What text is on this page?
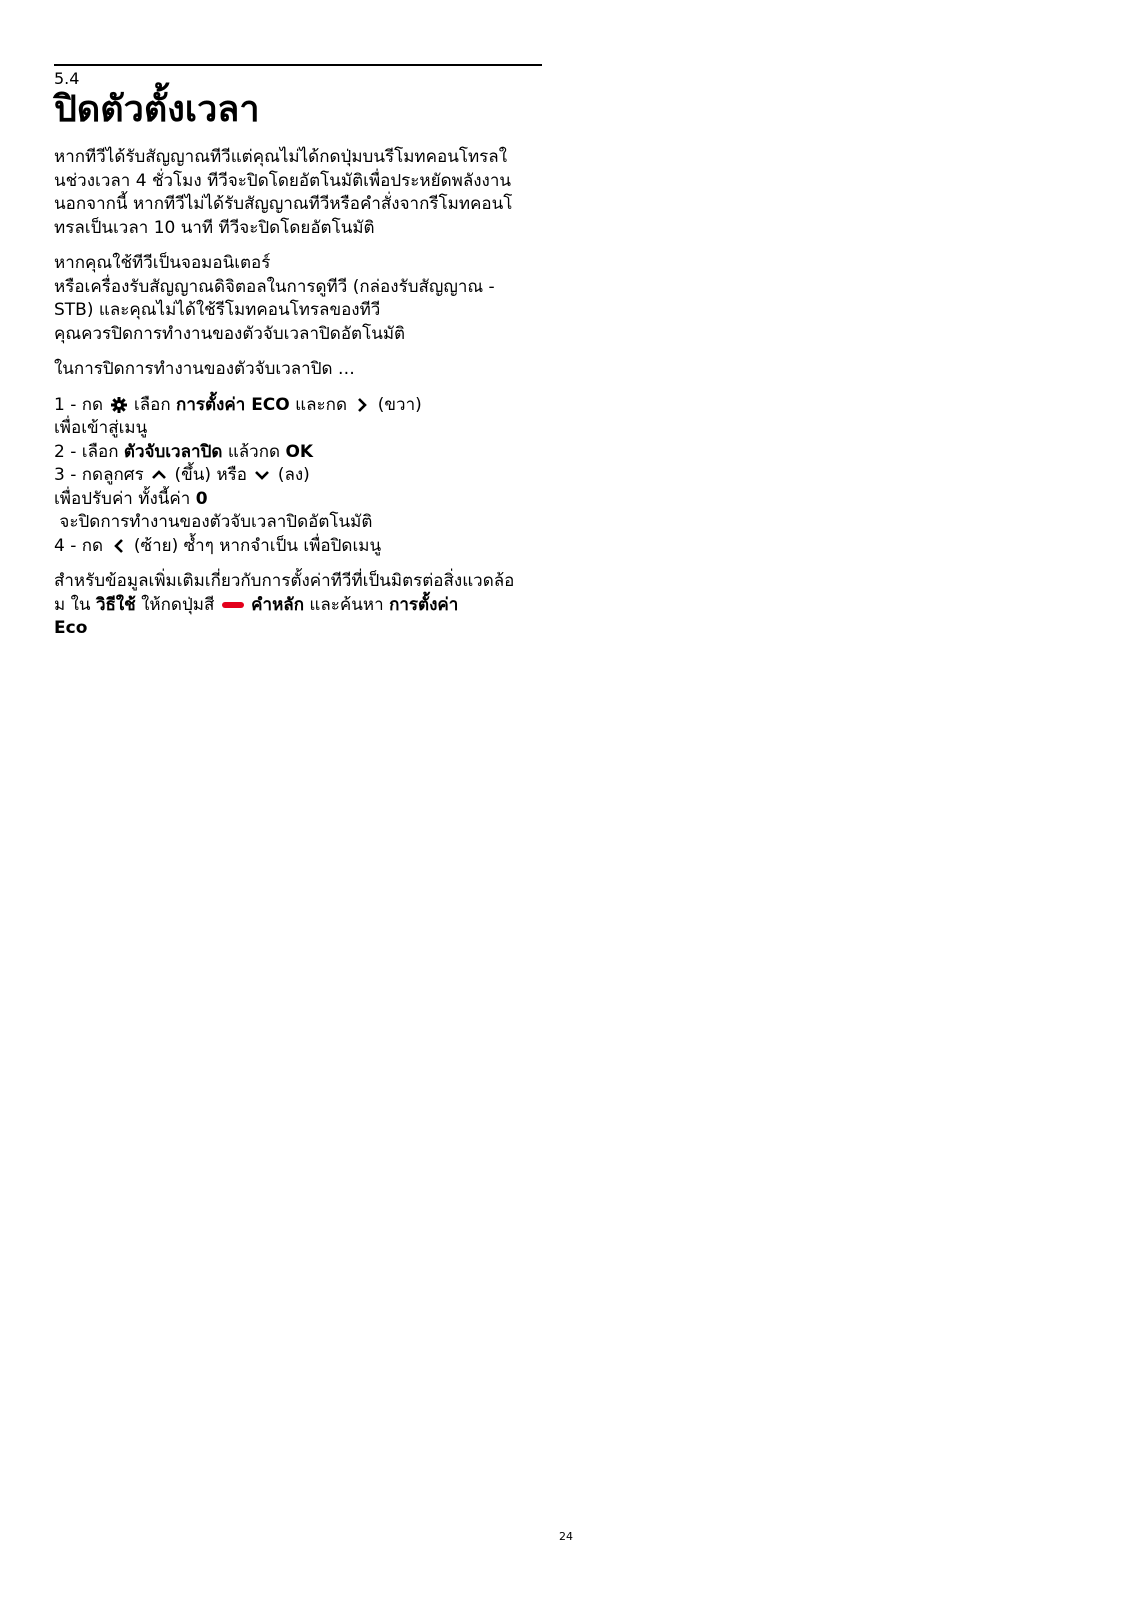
5.4
ปิดตัวตั้งเวลา

หากทีวีได้รับสัญญาณทีวีแต่คุณไม่ได้กดปุ่มบนรีโมทคอนโทรลใ
นช่วงเวลา 4 ชั่วโมง ทีวีจะปิดโดยอัตโนมัติเพื่อประหยัดพลังงาน
นอกจากนี้ หากทีวีไม่ได้รับสัญญาณทีวีหรือคำสั่งจากรีโมทคอนโ
ทรลเป็นเวลา 10 นาที ทีวีจะปิดโดยอัตโนมัติ

หากคุณใช้ทีวีเป็นจอมอนิเตอร์
หรือเครื่องรับสัญญาณดิจิตอลในการดูทีวี (กล่องรับสัญญาณ -
STB) และคุณไม่ได้ใช้รีโมทคอนโทรลของทีวี
คุณควรปิดการทำงานของตัวจับเวลาปิดอัตโนมัติ

ในการปิดการทำงานของตัวจับเวลาปิด …

1 - กด เลือก การตั้งค่า ECO และกด (ขวา)
เพื่อเข้าสู่เมนู
2 - เลือก ตัวจับเวลาปิด แล้วกด OK
3 - กดลูกศร (ขึ้น) หรือ (ลง)
เพื่อปรับค่า ทั้งนี้ค่า 0
จะปิดการทำงานของตัวจับเวลาปิดอัตโนมัติ
4 - กด (ซ้าย) ซ้ำๆ หากจำเป็น เพื่อปิดเมนู

สำหรับข้อมูลเพิ่มเติมเกี่ยวกับการตั้งค่าทีวีที่เป็นมิตรต่อสิ่งแวดล้อ
ม ใน วิธีใช้ ให้กดปุ่มสี คำหลัก และค้นหา การตั้งค่า
Eco

24
